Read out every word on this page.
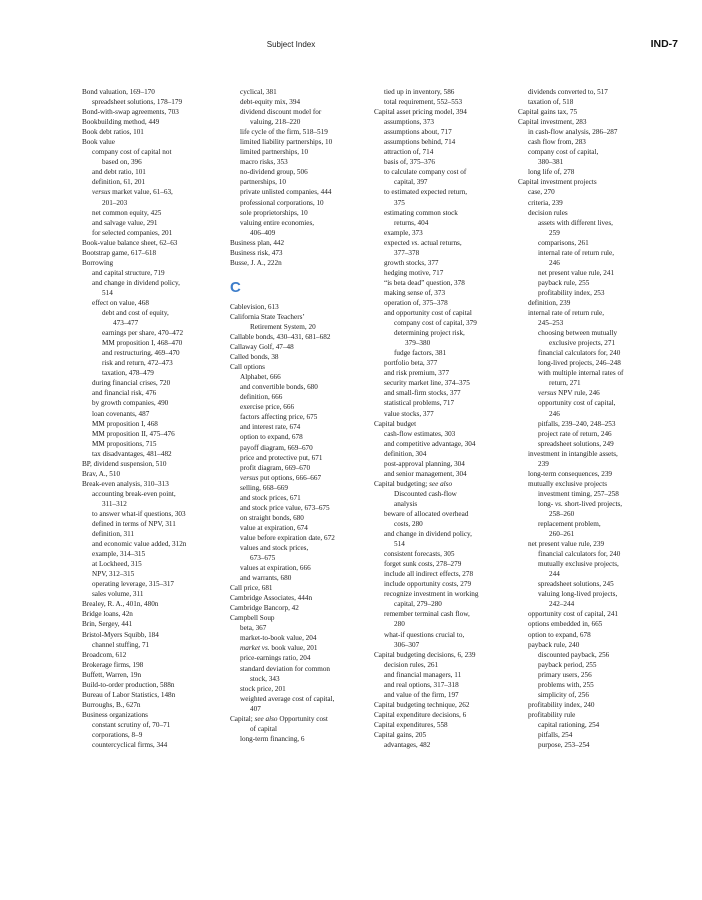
Subject Index	IND-7
Bond valuation, 169–170
spreadsheet solutions, 178–179
Bond-with-swap agreements, 703
Bookbuilding method, 449
Book debt ratios, 101
Book value
company cost of capital not
based on, 396
and debt ratio, 101
definition, 61, 201
versus market value, 61–63,
201–203
net common equity, 425
and salvage value, 291
for selected companies, 201
Book-value balance sheet, 62–63
Bootstrap game, 617–618
Borrowing
and capital structure, 719
and change in dividend policy,
514
effect on value, 468
debt and cost of equity,
473–477
earnings per share, 470–472
MM proposition I, 468–470
and restructuring, 469–470
risk and return, 472–473
taxation, 478–479
during financial crises, 720
and financial risk, 476
by growth companies, 490
loan covenants, 487
MM proposition I, 468
MM proposition II, 475–476
MM propositions, 715
tax disadvantages, 481–482
BP, dividend suspension, 510
Brav, A., 510
Break-even analysis, 310–313
accounting break-even point,
311–312
to answer what-if questions, 303
defined in terms of NPV, 311
definition, 311
and economic value added, 312n
example, 314–315
at Lockheed, 315
NPV, 312–315
operating leverage, 315–317
sales volume, 311
Brealey, R. A., 401n, 480n
Bridge loans, 42n
Brin, Sergey, 441
Bristol-Myers Squibb, 184
channel stuffing, 71
Broadcom, 612
Brokerage firms, 198
Buffett, Warren, 19n
Build-to-order production, 588n
Bureau of Labor Statistics, 148n
Burroughs, B., 627n
Business organizations
constant scrutiny of, 70–71
corporations, 8–9
countercyclical firms, 344
cyclical, 381
debt-equity mix, 394
dividend discount model for
valuing, 218–220
life cycle of the firm, 518–519
limited liability partnerships, 10
limited partnerships, 10
macro risks, 353
no-dividend group, 506
partnerships, 10
private unlisted companies, 444
professional corporations, 10
sole proprietorships, 10
valuing entire economies,
406–409
Business plan, 442
Business risk, 473
Busse, J. A., 222n
C
Cablevision, 613
California State Teachers’
Retirement System, 20
Callable bonds, 430–431, 681–682
Callaway Golf, 47–48
Called bonds, 38
Call options
Alphabet, 666
and convertible bonds, 680
definition, 666
exercise price, 666
factors affecting price, 675
and interest rate, 674
option to expand, 678
payoff diagram, 669–670
price and protective put, 671
profit diagram, 669–670
versus put options, 666–667
selling, 668–669
and stock prices, 671
and stock price value, 673–675
on straight bonds, 680
value at expiration, 674
value before expiration date, 672
values and stock prices,
673–675
values at expiration, 666
and warrants, 680
Call price, 681
Cambridge Associates, 444n
Cambridge Bancorp, 42
Campbell Soup
beta, 367
market-to-book value, 204
market vs. book value, 201
price-earnings ratio, 204
standard deviation for common
stock, 343
stock price, 201
weighted average cost of capital,
407
Capital; see also Opportunity cost
of capital
long-term financing, 6
tied up in inventory, 586
total requirement, 552–553
Capital asset pricing model, 394
assumptions, 373
assumptions about, 717
assumptions behind, 714
attraction of, 714
basis of, 375–376
to calculate company cost of
capital, 397
to estimated expected return,
375
estimating common stock
returns, 404
example, 373
expected vs. actual returns,
377–378
growth stocks, 377
hedging motive, 717
“is beta dead” question, 378
making sense of, 373
operation of, 375–378
and opportunity cost of capital
company cost of capital, 379
determining project risk,
379–380
fudge factors, 381
portfolio beta, 377
and risk premium, 377
security market line, 374–375
and small-firm stocks, 377
statistical problems, 717
value stocks, 377
Capital budget
cash-flow estimates, 303
and competitive advantage, 304
definition, 304
post-approval planning, 304
and senior management, 304
Capital budgeting; see also
Discounted cash-flow
analysis
beware of allocated overhead
costs, 280
and change in dividend policy,
514
consistent forecasts, 305
forget sunk costs, 278–279
include all indirect effects, 278
include opportunity costs, 279
recognize investment in working
capital, 279–280
remember terminal cash flow,
280
what-if questions crucial to,
306–307
Capital budgeting decisions, 6, 239
decision rules, 261
and financial managers, 11
and real options, 317–318
and value of the firm, 197
Capital budgeting technique, 262
Capital expenditure decisions, 6
Capital expenditures, 558
Capital gains, 205
advantages, 482
dividends converted to, 517
taxation of, 518
Capital gains tax, 75
Capital investment, 283
in cash-flow analysis, 286–287
cash flow from, 283
company cost of capital,
380–381
long life of, 278
Capital investment projects
case, 270
criteria, 239
decision rules
assets with different lives,
259
comparisons, 261
internal rate of return rule,
246
net present value rule, 241
payback rule, 255
profitability index, 253
definition, 239
internal rate of return rule,
245–253
choosing between mutually
exclusive projects, 271
financial calculators for, 240
long-lived projects, 246–248
with multiple internal rates of
return, 271
versus NPV rule, 246
opportunity cost of capital,
246
pitfalls, 239–240, 248–253
project rate of return, 246
spreadsheet solutions, 249
investment in intangible assets,
239
long-term consequences, 239
mutually exclusive projects
investment timing, 257–258
long- vs. short-lived projects,
258–260
replacement problem,
260–261
net present value rule, 239
financial calculators for, 240
mutually exclusive projects,
244
spreadsheet solutions, 245
valuing long-lived projects,
242–244
opportunity cost of capital, 241
options embedded in, 665
option to expand, 678
payback rule, 240
discounted payback, 256
payback period, 255
primary users, 256
problems with, 255
simplicity of, 256
profitability index, 240
profitability rule
capital rationing, 254
pitfalls, 254
purpose, 253–254
